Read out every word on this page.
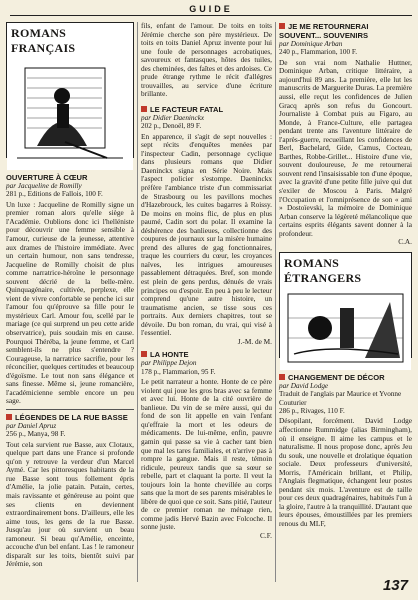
GUIDE
ROMANS FRANÇAIS
OUVERTURE À CŒUR
par Jacqueline de Romilly
281 p., Editions de Fallois, 100 F.

Un luxe : Jacqueline de Romilly signe un premier roman alors qu'elle siège à l'Académie. Oublions donc ici l'helléniste pour découvrir une femme sensible à l'amour, curieuse de la jeunesse, attentive aux drames de l'histoire immédiate. Avec un certain humour, non sans tendresse, Jacqueline de Romilly choisit de plus comme narratrice-héroïne le personnage souvent décrié de la belle-mère. Quinquagénaire, cultivée, perplexe, elle vient de vivre confortable se penche ici sur l'amour fou qu'éprouve sa fille pour le mystérieux Carl. Amour fou, scellé par le mariage (ce qui surprend un peu cette aride observatrice), puis soudain mis en cause. Pourquoi Théréba, la jeune femme, et Carl semblent-ils ne plus s'entendre ? Courageuse, la narratrice sacrifie, pour les réconcilier, quelques certitudes et beaucoup d'égoïsme. Le tout non sans élégance et sans finesse. Même si, jeune romancière, l'académicienne semble encore un peu sage.

LÉGENDES DE LA RUE BASSE
par Daniel Apruz
256 p., Manya, 98 F.

Tout cela survient rue Basse, aux Clotaux, quelque part dans une France si profonde qu'on y retrouve la verdeur d'un Marcel Aymé. Car les pittoresques habitants de la rue Basse sont tous follement épris d'Amélie, la jolie patain. Putain, certes, mais ravissante et généreuse au point que ses clients en deviennent extraordinairement bons. D'ailleurs, elle les aime tous, les gens de la rue Basse. Jusqu'au jour où survient un beau ramoneur. Si beau qu'Amélie, enceinte, accouche d'un bel enfant. Las ! le ramoneur disparaît sur les toits, bientôt suivi par Jérémie, son

fils, enfant de l'amour. De toits en toits Jérémie cherche son père mystérieux. De toits en toits Daniel Apruz invente pour lui une foule de personnages acrobatiques, savoureux et fantasques, hôtes des tuiles, des cheminées, des faîtes et des ardoises. Ce prude étrange rythme le récit d'allégres trouvailles, au service d'une écriture brillante.

LE FACTEUR FATAL
par Didier Daeninckx
202 p., Denoël, 89 F.

En apparence, il s'agit de sept nouvelles : sept récits d'enquêtes menées par l'inspecteur Cadin, personnage cyclique dans plusieurs romans que Didier Daeninckx signa en Série Noire. Mais l'aspect policier s'estompe. Daeninckx préfère l'ambiance triste d'un commissariat de Strasbourg ou les pavillons moches d'Hazebrouck, les cuites bagarres à Roissy. De moins en moins flic, de plus en plus paumé, Cadin sort du polar. Il examine la déshérence des banlieues, collectionne des coupures de journaux sur la misère humaine prend des allures de gag fonctionnaires, traque les courriers du cœur, les croyances naïves, les intrigues amoureuses passablement détraquées. Bref, son monde est plein de gens perdus, dénués de vrais principes ou d'espoir. En peu à peu le lecteur comprend qu'une autre histoire, un traumatisme ancien, se tisse sous ces portraits. Aux derniers chapitres, tout se dévoile. Du bon roman, du vrai, qui visé à l'essentiel.

J.-M. de M.
LA HONTE
par Philippe Dejon
178 p., Flammarion, 95 F.

Le petit narrateur a honte. Honte de ce père violent qui joue les gros bras avec sa femme et avec lui. Honte de la cité ouvrière de banlieue. Du vin de se mère aussi, qui du fond de son lit appelle en vain l'enfant qu'effraie la mort et les odeurs de médicaments. De lui-même, enfin, pauvre gamin qui passe sa vie à cacher tant bien que mal les tares familiales, et n'arrive pas à rompre la gangue. Mais il reste, témoin ridicule, peureux tandis que sa sœur se rebelle, part et claquant la porte. Il veut la toujours loin la honte chevillée au corps sans que la mort de ses parents misérables le libère de quoi que ce soit. Sans pitié, l'auteur de ce premier roman ne ménage rien, comme jadis Hervé Bazin avec Folcoche. Il sonne juste.

C.F.
JE ME RETOURNERAI SOUVENT... SOUVENIRS
par Dominique Arban
240 p., Flammarion, 100 F.

De son vrai nom Nathalie Huttner, Dominique Arban, critique littéraire, a aujourd'hui 89 ans. La première, elle lut les manuscrits de Marguerite Duras. La première aussi, elle reçut les confidences de Julien Gracq après son refus du Goncourt. Journaliste à Combat puis au Figaro, au Monde, à France-Culture, elle partagea pendant trente ans l'aventure littéraire de l'après-guerre, recueillant les confidences de Berl, Bachelard, Gide, Camus, Cocteau, Barthes, Robbe-Grillet... Histoire d'une vie, souvent douloureuse, Je me retournerai souvent rend l'insaisissable ton d'une époque, avec la gravité d'une petite fille juive qui dut s'exiler de Moscou à Paris. Malgré l'Occupation et l'omniprésence de son « ami » Dostoïevski, la mémoire de Dominique Arban conserve la légèreté mélancolique que certains esprits élégants savent donner à la profondeur.

C.A.
ROMANS ÉTRANGERS
CHANGEMENT DE DÉCOR
par David Lodge
Traduit de l'anglais par Maurice et Yvonne Couturier
286 p., Rivages, 110 F.

Désopilant, forcément. David Lodge affectionne Rummidge (alias Birmingham), où il enseigne. Il aime les campus et le naturalisme. Il nous propose donc, après Jeu du souk, une nouvelle et drolatique équation sociale. Deux professeurs d'université, Morris, l'Américain brillant, et Philip, l'Anglais flegmatique, échangent leur postes pendant six mois. L'aventure est de taille pour ces deux quadragénaires, habitués l'un à la gloire, l'autre à la tranquillité. D'autant que leurs épouses, émoustillées par les premiers renous du MLF,

137
